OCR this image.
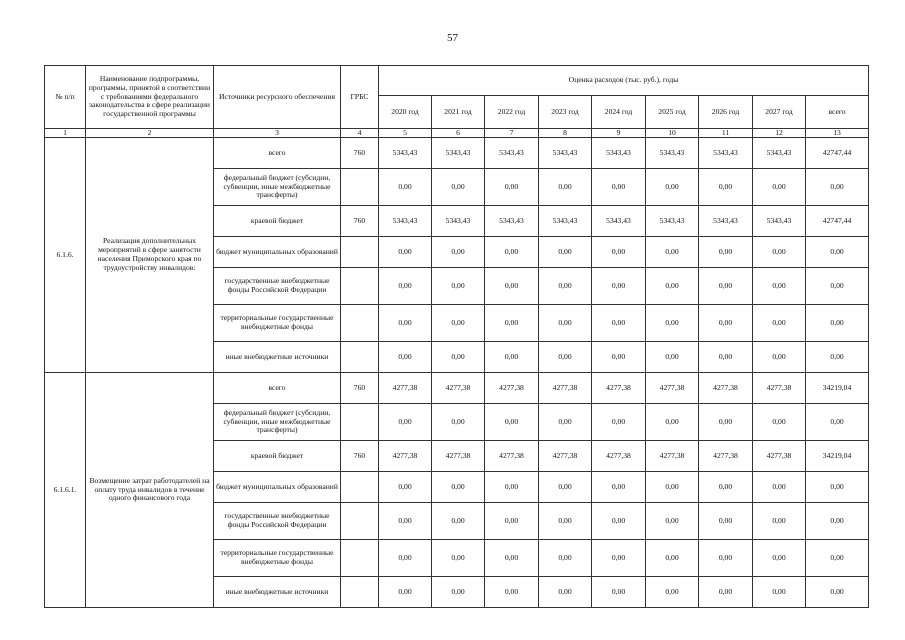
57
№ п/п	Наименование подпрограммы, программы, принятой в соответствии с требованиями федерального законодательства в сфере реализации государственной программы	Источники ресурсного обеспечения	ГРБС	Оценка расходов (тыс. руб.), годы								
				2020 год	2021 год	2022 год	2023 год	2024 год	2025 год	2026 год	2027 год	всего
1	2	3	4	5	6	7	8	9	10	11	12	13
6.1.6.	Реализация дополнительных мероприятий в сфере занятости населения Приморского края по трудоустройству инвалидов:	всего	760	5343,43	5343,43	5343,43	5343,43	5343,43	5343,43	5343,43	5343,43	42747,44
		федеральный бюджет (субсидии, субвенции, иные межбюджетные трансферты)		0,00	0,00	0,00	0,00	0,00	0,00	0,00	0,00	0,00
		краевой бюджет	760	5343,43	5343,43	5343,43	5343,43	5343,43	5343,43	5343,43	5343,43	42747,44
		бюджет муниципальных образований		0,00	0,00	0,00	0,00	0,00	0,00	0,00	0,00	0,00
		государственные внебюджетные фонды Российской Федерации		0,00	0,00	0,00	0,00	0,00	0,00	0,00	0,00	0,00
		территориальные государственные внебюджетные фонды		0,00	0,00	0,00	0,00	0,00	0,00	0,00	0,00	0,00
		иные внебюджетные источники		0,00	0,00	0,00	0,00	0,00	0,00	0,00	0,00	0,00
6.1.6.1.	Возмещение затрат работодателей на оплату труда инвалидов в течение одного финансового года	всего	760	4277,38	4277,38	4277,38	4277,38	4277,38	4277,38	4277,38	4277,38	34219,04
		федеральный бюджет (субсидии, субвенции, иные межбюджетные трансферты)		0,00	0,00	0,00	0,00	0,00	0,00	0,00	0,00	0,00
		краевой бюджет	760	4277,38	4277,38	4277,38	4277,38	4277,38	4277,38	4277,38	4277,38	34219,04
		бюджет муниципальных образований		0,00	0,00	0,00	0,00	0,00	0,00	0,00	0,00	0,00
		государственные внебюджетные фонды Российской Федерации		0,00	0,00	0,00	0,00	0,00	0,00	0,00	0,00	0,00
		территориальные государственные внебюджетные фонды		0,00	0,00	0,00	0,00	0,00	0,00	0,00	0,00	0,00
		иные внебюджетные источники		0,00	0,00	0,00	0,00	0,00	0,00	0,00	0,00	0,00
